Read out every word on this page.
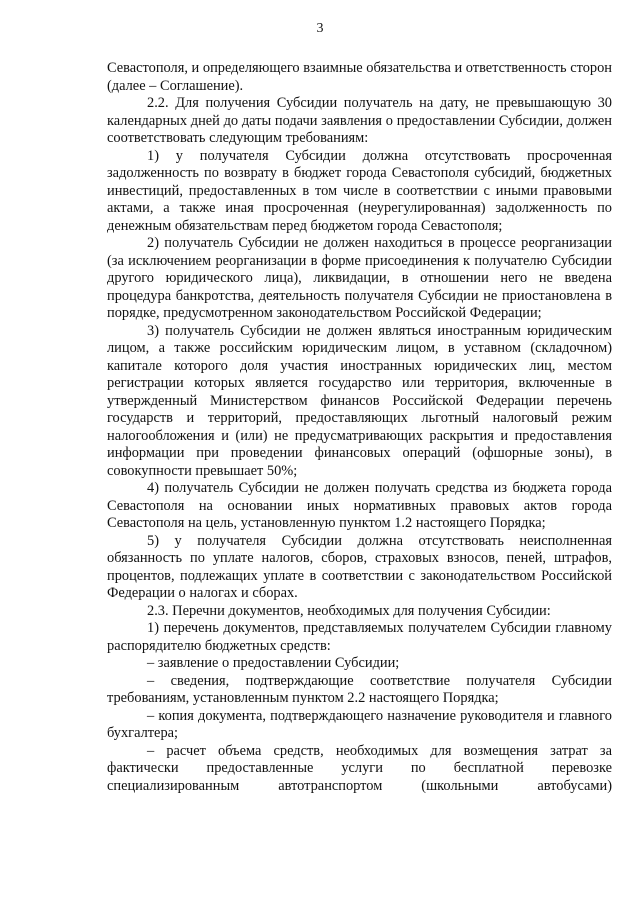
3

Севастополя, и определяющего взаимные обязательства и ответственность сторон (далее – Соглашение).

2.2. Для получения Субсидии получатель на дату, не превышающую 30 календарных дней до даты подачи заявления о предоставлении Субсидии, должен соответствовать следующим требованиям:

1) у получателя Субсидии должна отсутствовать просроченная задолженность по возврату в бюджет города Севастополя субсидий, бюджетных инвестиций, предоставленных в том числе в соответствии с иными правовыми актами, а также иная просроченная (неурегулированная) задолженность по денежным обязательствам перед бюджетом города Севастополя;

2) получатель Субсидии не должен находиться в процессе реорганизации (за исключением реорганизации в форме присоединения к получателю Субсидии другого юридического лица), ликвидации, в отношении него не введена процедура банкротства, деятельность получателя Субсидии не приостановлена в порядке, предусмотренном законодательством Российской Федерации;

3) получатель Субсидии не должен являться иностранным юридическим лицом, а также российским юридическим лицом, в уставном (складочном) капитале которого доля участия иностранных юридических лиц, местом регистрации которых является государство или территория, включенные в утвержденный Министерством финансов Российской Федерации перечень государств и территорий, предоставляющих льготный налоговый режим налогообложения и (или) не предусматривающих раскрытия и предоставления информации при проведении финансовых операций (офшорные зоны), в совокупности превышает 50%;

4) получатель Субсидии не должен получать средства из бюджета города Севастополя на основании иных нормативных правовых актов города Севастополя на цель, установленную пунктом 1.2 настоящего Порядка;

5) у получателя Субсидии должна отсутствовать неисполненная обязанность по уплате налогов, сборов, страховых взносов, пеней, штрафов, процентов, подлежащих уплате в соответствии с законодательством Российской Федерации о налогах и сборах.

2.3. Перечни документов, необходимых для получения Субсидии:

1) перечень документов, представляемых получателем Субсидии главному распорядителю бюджетных средств:

– заявление о предоставлении Субсидии;

– сведения, подтверждающие соответствие получателя Субсидии требованиям, установленным пунктом 2.2 настоящего Порядка;

– копия документа, подтверждающего назначение руководителя и главного бухгалтера;

– расчет объема средств, необходимых для возмещения затрат за фактически предоставленные услуги по бесплатной перевозке специализированным автотранспортом (школьными автобусами)
